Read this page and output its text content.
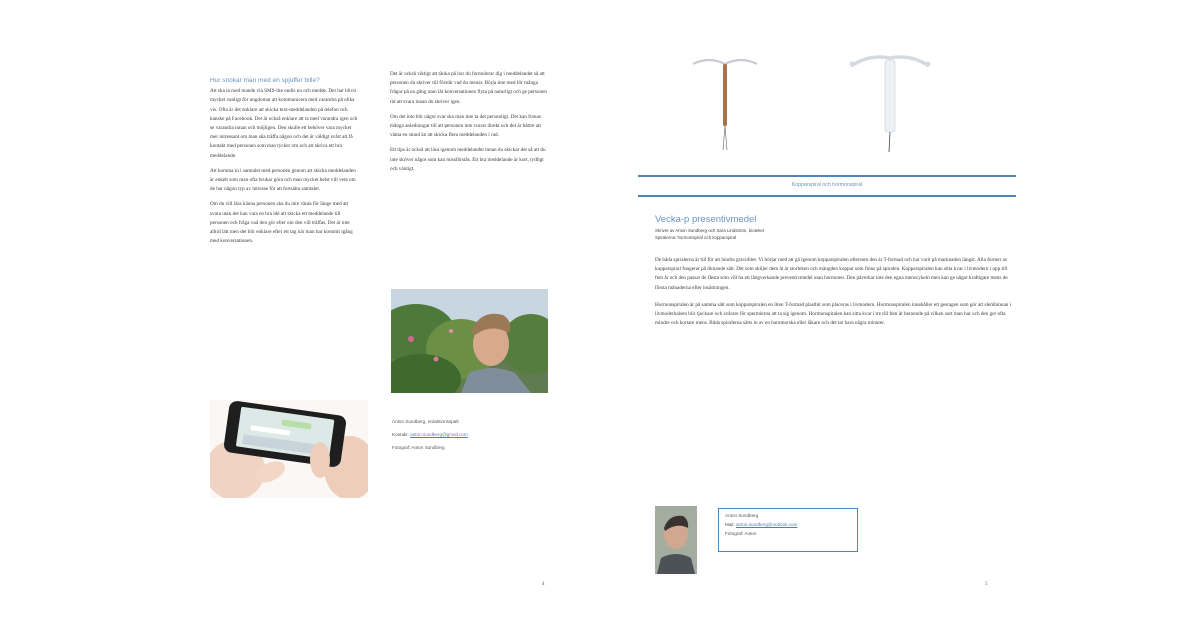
Hur snokar man med en spjuffer bille?

Att ska ta med mande via SMS-lite ondis nu och medde. Det har blivit mycket vanligt för ungdomar att kommunicera med varandra på olika vis. Ofta är det enklare att skicka text-meddelanden på telefon och kanske på Facebook. Det är också enklare att ta med varandra igen och se varandra innan och möjligen. Den skulle ett behöver vara mycket mer intressant om man ska träffa någon och det är väldigt svårt att få kontakt med personen som man tycker om och att skriva ett bra meddelande.

Att komma in i samtalet med personen genom att skicka meddelanden är enkelt som man ofta brukar göra och man mycket helst vill veta om de har någon typ av intresse för att fortsätta samtalet.

Om du vill lära känna personen ska du inte vänta för länge med att svara utan det kan vara en bra idé att skicka ett meddelande till personen och fråga vad den gör eller om den vill träffas. Det är inte alltid lätt men det blir enklare efter ett tag när man har kommit igång med konversationen.

Det är också viktigt att tänka på hur du formulerar dig i meddelandet så att personen du skriver till förstår vad du menar. Börja inte med för många frågor på en gång utan låt konversationen flyta på naturligt och ge personen tid att svara innan du skriver igen.

Om det inte blir något svar ska man inte ta det personligt. Det kan finnas många anledningar till att personen inte svarar direkt och det är bättre att vänta en stund än att skicka flera meddelanden i rad.

Ett tips är också att läsa igenom meddelandet innan du skickar det så att du inte skriver något som kan missförstås. Ett bra meddelande är kort, tydligt och vänligt.

Anton Sundberg, redaktionsspalt
Kontakt: anton.sundberg@gmail.com
Fotograf: Anton Sundberg
4
Kopparspiral och hormonspiral
Vecka-p presentivmedel
Skrivet av Anton Sundberg och Sara Lindström, bioteket
Spiralerna: hormonspiral och kopparspiral

De båda spiralerna är till för att hindra graviditet. Vi börjar med att gå igenom kopparspiralen eftersom den är T-formad och har varit på marknaden längst. Alla former av kopparspiral fungerar på liknande sätt. Det som skiljer dem åt är storleken och mängden koppar som finns på spiralen. Kopparspiralen kan sitta kvar i livmodern i upp till fem år och den passar de flesta som vill ha ett långverkande preventivmedel utan hormoner. Den påverkar inte den egna menscykeln men kan ge något kraftigare mens de första månaderna efter insättningen.

Hormonspiralen är på samma sätt som kopparspiralen en liten T-formad plastbit som placeras i livmodern. Hormonspiralen innehåller ett gestagen som gör att slemhinnan i livmoderhalsen blir tjockare och svårare för spermierna att ta sig igenom. Hormonspiralen kan sitta kvar i tre till fem år beroende på vilken sort man har och den ger ofta mindre och kortare mens. Båda spiralerna sätts in av en barnmorska eller läkare och det tar bara några minuter.

Anton Sundberg
Mail: anton.sundberg@outlook.com
Fotograf: Anton
5
